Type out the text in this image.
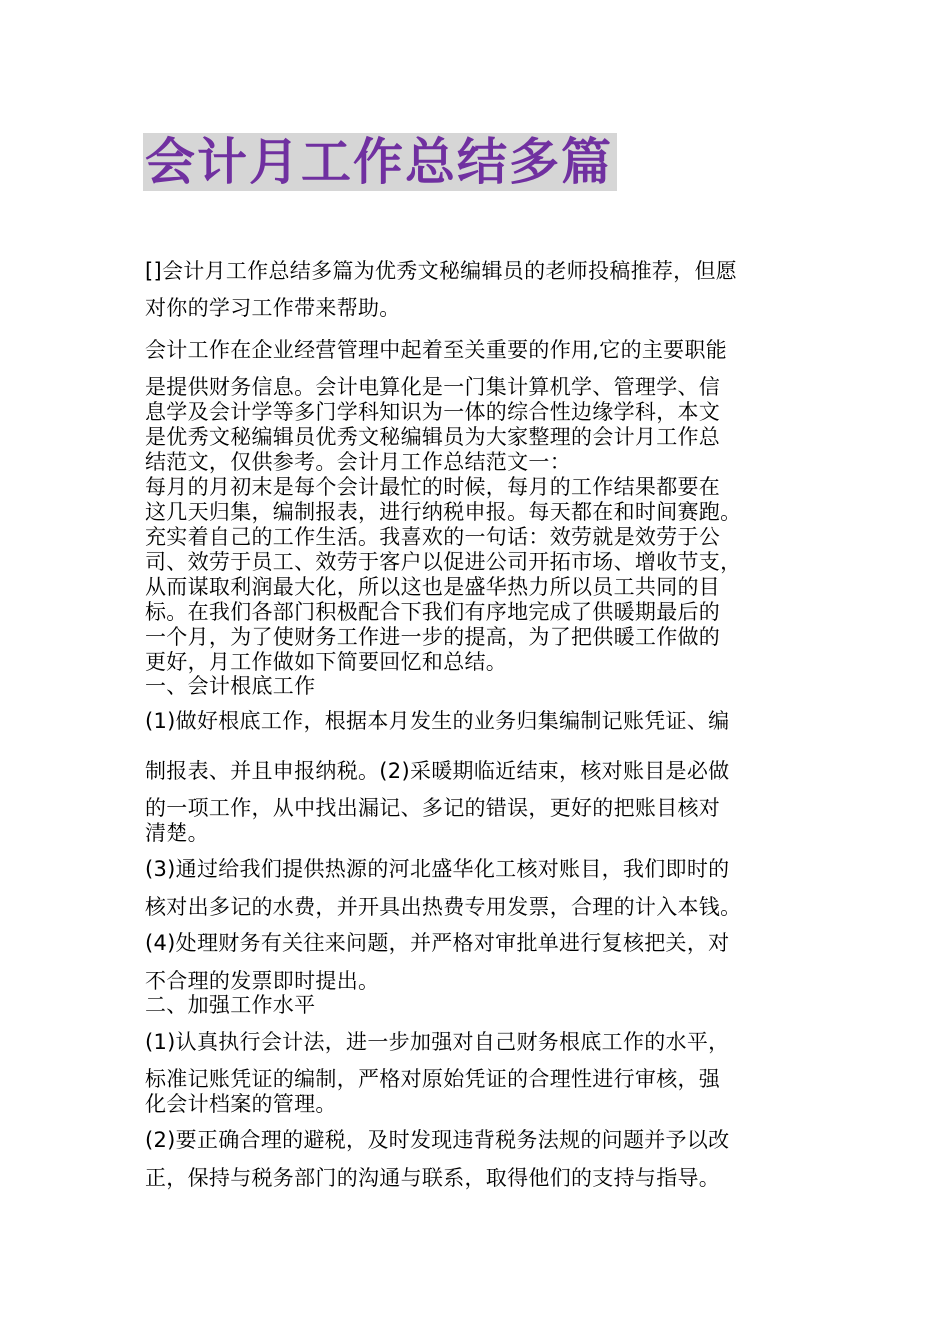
会计月工作总结多篇
[]会计月工作总结多篇为优秀文秘编辑员的老师投稿推荐，但愿
对你的学习工作带来帮助。
会计工作在企业经营管理中起着至关重要的作用,它的主要职能
是提供财务信息。会计电算化是一门集计算机学、管理学、信
息学及会计学等多门学科知识为一体的综合性边缘学科，本文
是优秀文秘编辑员优秀文秘编辑员为大家整理的会计月工作总
结范文，仅供参考。会计月工作总结范文一：
每月的月初末是每个会计最忙的时候，每月的工作结果都要在
这几天归集，编制报表，进行纳税申报。每天都在和时间赛跑。
充实着自己的工作生活。我喜欢的一句话：效劳就是效劳于公
司、效劳于员工、效劳于客户以促进公司开拓市场、增收节支，
从而谋取利润最大化，所以这也是盛华热力所以员工共同的目
标。在我们各部门积极配合下我们有序地完成了供暖期最后的
一个月，为了使财务工作进一步的提高，为了把供暖工作做的
更好，月工作做如下简要回忆和总结。
一、会计根底工作
(1)做好根底工作，根据本月发生的业务归集编制记账凭证、编
制报表、并且申报纳税。(2)采暖期临近结束，核对账目是必做
的一项工作，从中找出漏记、多记的错误，更好的把账目核对
清楚。
(3)通过给我们提供热源的河北盛华化工核对账目，我们即时的
核对出多记的水费，并开具出热费专用发票，合理的计入本钱。
(4)处理财务有关往来问题，并严格对审批单进行复核把关，对
不合理的发票即时提出。
二、加强工作水平
(1)认真执行会计法，进一步加强对自己财务根底工作的水平，
标准记账凭证的编制，严格对原始凭证的合理性进行审核，强
化会计档案的管理。
(2)要正确合理的避税，及时发现违背税务法规的问题并予以改
正，保持与税务部门的沟通与联系，取得他们的支持与指导。
